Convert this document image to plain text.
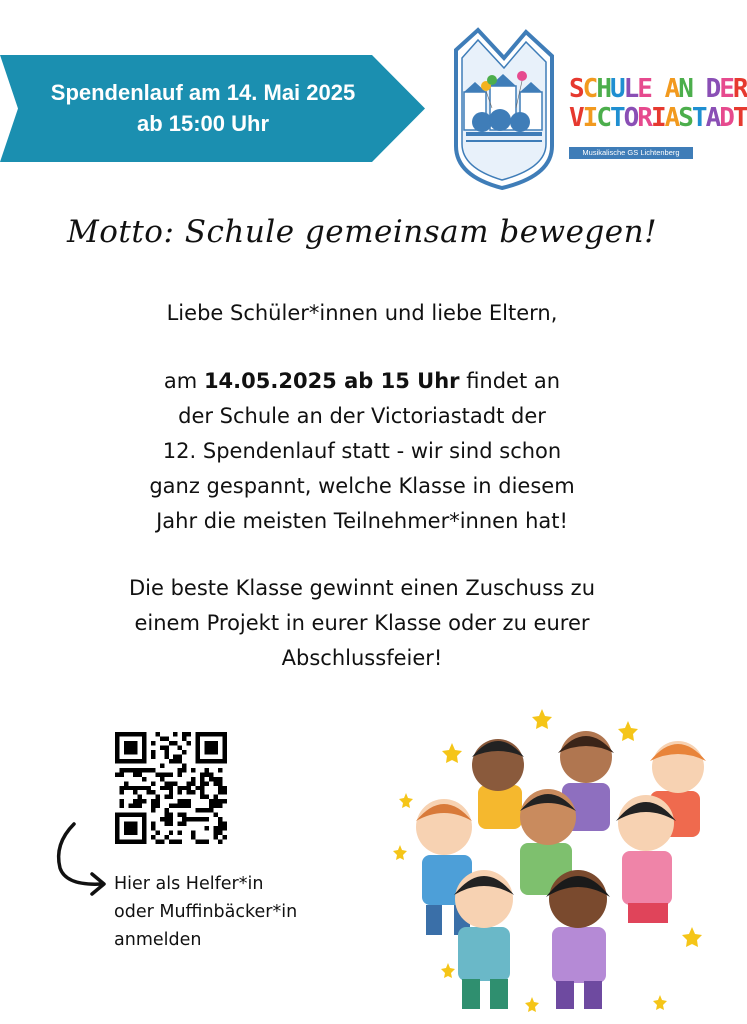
Spendenlauf am 14. Mai 2025
ab 15:00 Uhr
SCHULE AN DER
VICTORIASTADT
Musikalische GS Lichtenberg
Motto: Schule gemeinsam bewegen!

Liebe Schüler*innen und liebe Eltern,

am 14.05.2025 ab 15 Uhr findet an
der Schule an der Victoriastadt der
12. Spendenlauf statt - wir sind schon
ganz gespannt, welche Klasse in diesem
Jahr die meisten Teilnehmer*innen hat!

Die beste Klasse gewinnt einen Zuschuss zu
einem Projekt in eurer Klasse oder zu eurer
Abschlussfeier!

Hier als Helfer*in
oder Muffinbäcker*in
anmelden
